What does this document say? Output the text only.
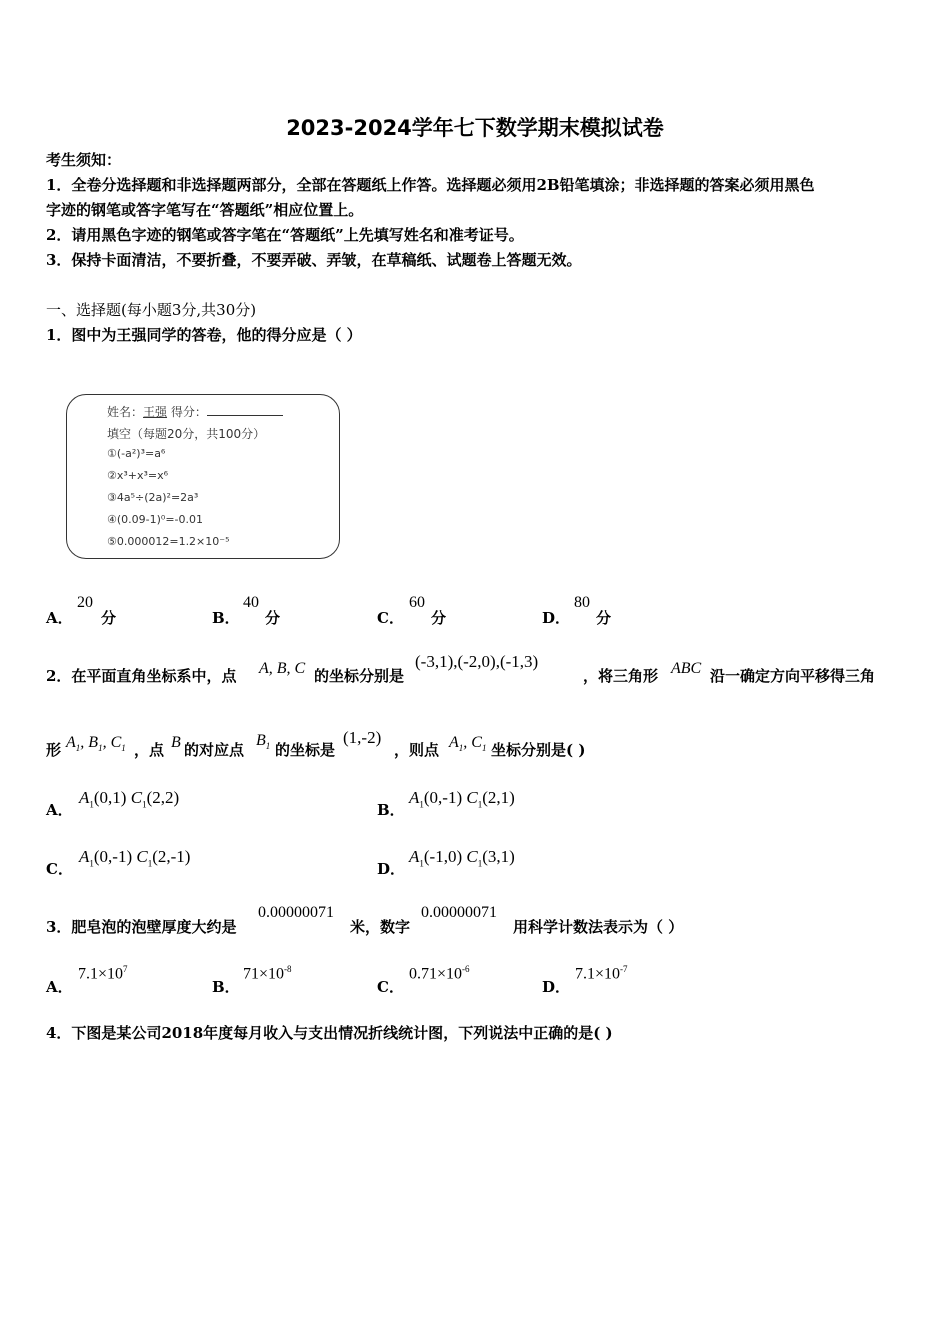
2023-2024学年七下数学期末模拟试卷
考生须知：
1．全卷分选择题和非选择题两部分，全部在答题纸上作答。选择题必须用2B铅笔填涂；非选择题的答案必须用黑色
字迹的钢笔或答字笔写在“答题纸”相应位置上。
2．请用黑色字迹的钢笔或答字笔在“答题纸”上先填写姓名和准考证号。
3．保持卡面清洁，不要折叠，不要弄破、弄皱，在草稿纸、试题卷上答题无效。
一、选择题(每小题3分,共30分)
1．图中为王强同学的答卷，他的得分应是（ ）
姓名：王强 得分：
填空（每题20分，共100分）
①(-a²)³=a⁶
②x³+x³=x⁶
③4a⁵÷(2a)²=2a³
④(0.09-1)⁰=-0.01
⑤0.000012=1.2×10⁻⁵
A．
20
分	B．
40
分	C．
60
分	D．
80
分
2．在平面直角坐标系中，点 A, B, C 的坐标分别是
(-3,1),(-2,0),(-1,3)
，将三角形 ABC 沿一确定方向平移得三角
形 $A_1$, $B_1$, $C_1$ ，点 B 的对应点
$B_1$ 的坐标是
(1,-2)
，则点 $A_1$, $C_1$ 坐标分别是( )
A．
$A_1(0,1)$ $C_1(2,2)$
B．
$A_1(0,-1)$ $C_1(2,1)$
C．
$A_1(0,-1)$ $C_1(2,-1)$
D．
$A_1(-1,0)$ $C_1(3,1)$
3．肥皂泡的泡壁厚度大约是
0.00000071
米，数字
0.00000071
用科学计数法表示为（ ）
A．
$7.1\times 10^7$
B．
$71\times 10^{-8}$
C．
$0.71\times 10^{-6}$
D．
$7.1\times 10^{-7}$
4．下图是某公司2018年度每月收入与支出情况折线统计图，下列说法中正确的是( )
